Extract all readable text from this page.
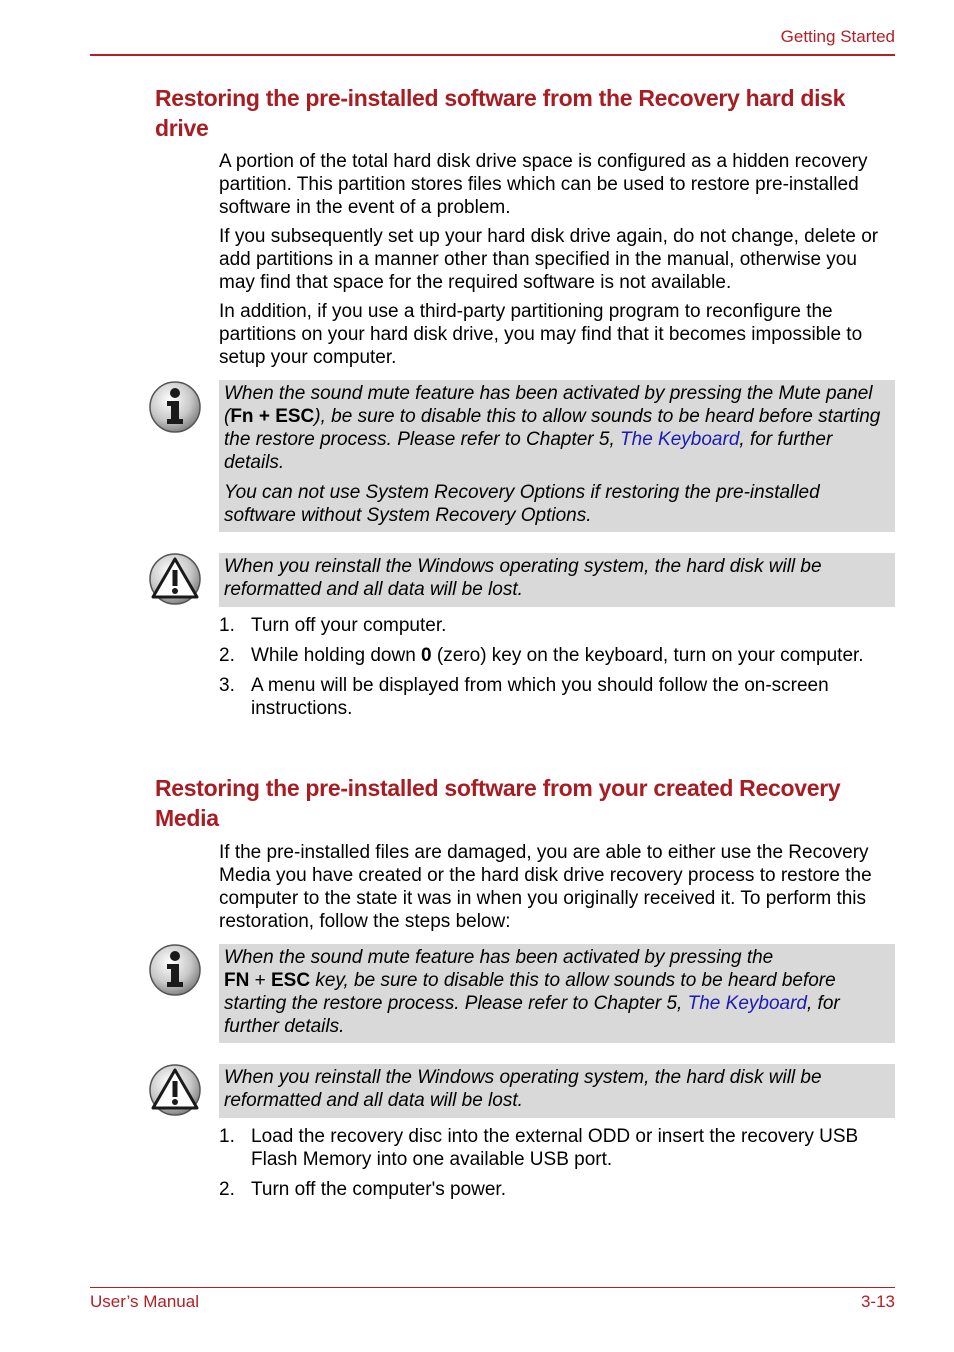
Getting Started
Restoring the pre-installed software from the Recovery hard disk drive

A portion of the total hard disk drive space is configured as a hidden recovery partition. This partition stores files which can be used to restore pre-installed software in the event of a problem.

If you subsequently set up your hard disk drive again, do not change, delete or add partitions in a manner other than specified in the manual, otherwise you may find that space for the required software is not available.

In addition, if you use a third-party partitioning program to reconfigure the partitions on your hard disk drive, you may find that it becomes impossible to setup your computer.

When the sound mute feature has been activated by pressing the Mute panel (Fn + ESC), be sure to disable this to allow sounds to be heard before starting the restore process. Please refer to Chapter 5, The Keyboard, for further details.

You can not use System Recovery Options if restoring the pre-installed software without System Recovery Options.

When you reinstall the Windows operating system, the hard disk will be reformatted and all data will be lost.

1. Turn off your computer.
2. While holding down 0 (zero) key on the keyboard, turn on your computer.
3. A menu will be displayed from which you should follow the on-screen instructions.
Restoring the pre-installed software from your created Recovery Media

If the pre-installed files are damaged, you are able to either use the Recovery Media you have created or the hard disk drive recovery process to restore the computer to the state it was in when you originally received it. To perform this restoration, follow the steps below:

When the sound mute feature has been activated by pressing the
FN + ESC key, be sure to disable this to allow sounds to be heard before starting the restore process. Please refer to Chapter 5, The Keyboard, for further details.

When you reinstall the Windows operating system, the hard disk will be reformatted and all data will be lost.

1. Load the recovery disc into the external ODD or insert the recovery USB Flash Memory into one available USB port.
2. Turn off the computer's power.
User’s Manual	3-13
